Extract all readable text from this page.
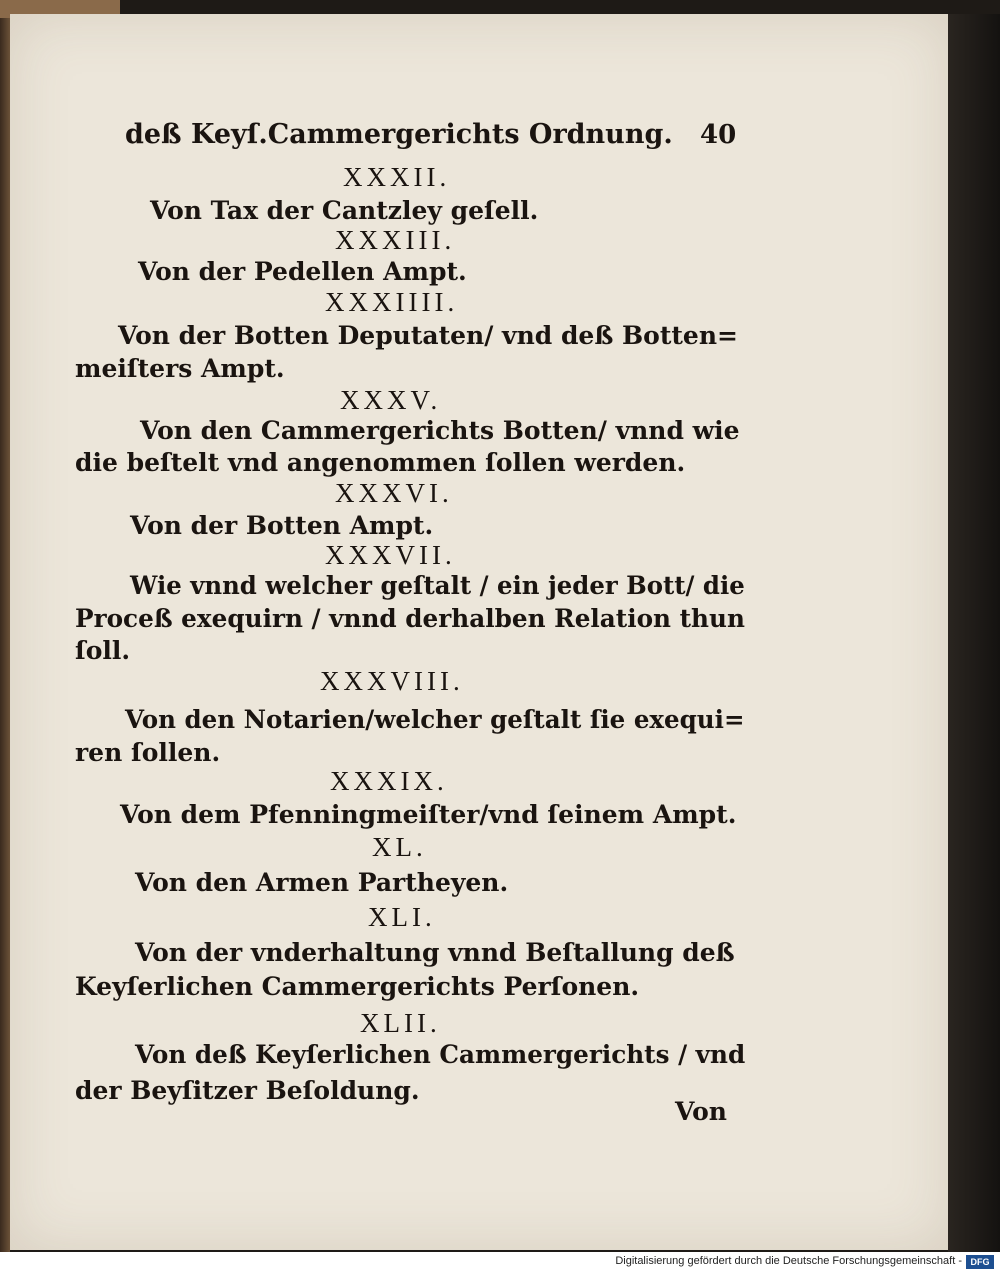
deß Keyſ.Cammergerichts Ordnung. 40
XXXII.
Von Tax der Cantzley geſell.
XXXIII.
Von der Pedellen Ampt.
XXXIIII.
Von der Botten Deputaten/ vnd deß Botten=
meiſters Ampt.
XXXV.
Von den Cammergerichts Botten/ vnnd wie
die beſtelt vnd angenommen ſollen werden.
XXXVI.
Von der Botten Ampt.
XXXVII.
Wie vnnd welcher geſtalt / ein jeder Bott/ die
Proceß exequirn / vnnd derhalben Relation thun
ſoll.
XXXVIII.
Von den Notarien/welcher geſtalt ſie exequi=
ren ſollen.
XXXIX.
Von dem Pfenningmeiſter/vnd ſeinem Ampt.
XL.
Von den Armen Partheyen.
XLI.
Von der vnderhaltung vnnd Beſtallung deß
Keyſerlichen Cammergerichts Perſonen.
XLII.
Von deß Keyſerlichen Cammergerichts / vnd
der Beyſitzer Beſoldung.
Von
Digitalisierung gefördert durch die Deutsche Forschungsgemeinschaft - DFG
